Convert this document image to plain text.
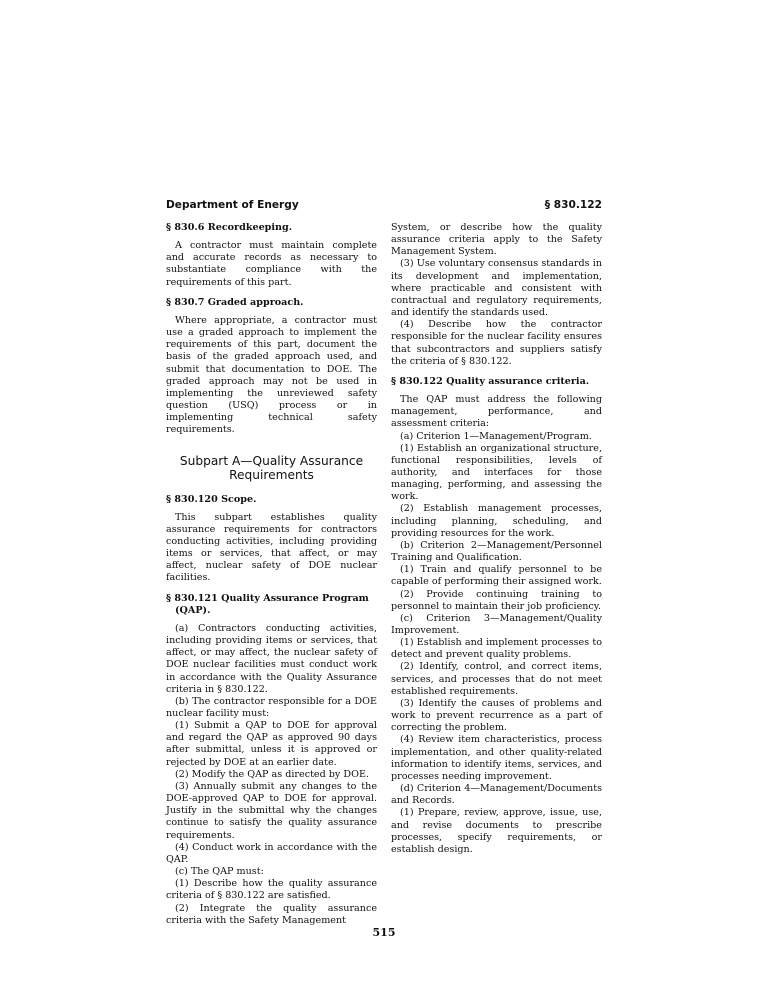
Department of Energy	§ 830.122
§ 830.6 Recordkeeping.

A contractor must maintain complete and accurate records as necessary to substantiate compliance with the requirements of this part.

§ 830.7 Graded approach.

Where appropriate, a contractor must use a graded approach to implement the requirements of this part, document the basis of the graded approach used, and submit that documentation to DOE. The graded approach may not be used in implementing the unreviewed safety question (USQ) process or in implementing technical safety requirements.

Subpart A—Quality Assurance Requirements
§ 830.120 Scope.

This subpart establishes quality assurance requirements for contractors conducting activities, including providing items or services, that affect, or may affect, nuclear safety of DOE nuclear facilities.

§ 830.121 Quality Assurance Program (QAP).

(a) Contractors conducting activities, including providing items or services, that affect, or may affect, the nuclear safety of DOE nuclear facilities must conduct work in accordance with the Quality Assurance criteria in § 830.122.

(b) The contractor responsible for a DOE nuclear facility must:

(1) Submit a QAP to DOE for approval and regard the QAP as approved 90 days after submittal, unless it is approved or rejected by DOE at an earlier date.

(2) Modify the QAP as directed by DOE.

(3) Annually submit any changes to the DOE-approved QAP to DOE for approval. Justify in the submittal why the changes continue to satisfy the quality assurance requirements.

(4) Conduct work in accordance with the QAP.

(c) The QAP must:

(1) Describe how the quality assurance criteria of § 830.122 are satisfied.

(2) Integrate the quality assurance criteria with the Safety Management

System, or describe how the quality assurance criteria apply to the Safety Management System.

(3) Use voluntary consensus standards in its development and implementation, where practicable and consistent with contractual and regulatory requirements, and identify the standards used.

(4) Describe how the contractor responsible for the nuclear facility ensures that subcontractors and suppliers satisfy the criteria of § 830.122.

§ 830.122 Quality assurance criteria.

The QAP must address the following management, performance, and assessment criteria:

(a) Criterion 1—Management/Program.

(1) Establish an organizational structure, functional responsibilities, levels of authority, and interfaces for those managing, performing, and assessing the work.

(2) Establish management processes, including planning, scheduling, and providing resources for the work.

(b) Criterion 2—Management/Personnel Training and Qualification.

(1) Train and qualify personnel to be capable of performing their assigned work.

(2) Provide continuing training to personnel to maintain their job proficiency.

(c) Criterion 3—Management/Quality Improvement.

(1) Establish and implement processes to detect and prevent quality problems.

(2) Identify, control, and correct items, services, and processes that do not meet established requirements.

(3) Identify the causes of problems and work to prevent recurrence as a part of correcting the problem.

(4) Review item characteristics, process implementation, and other quality-related information to identify items, services, and processes needing improvement.

(d) Criterion 4—Management/Documents and Records.

(1) Prepare, review, approve, issue, use, and revise documents to prescribe processes, specify requirements, or establish design.

515
